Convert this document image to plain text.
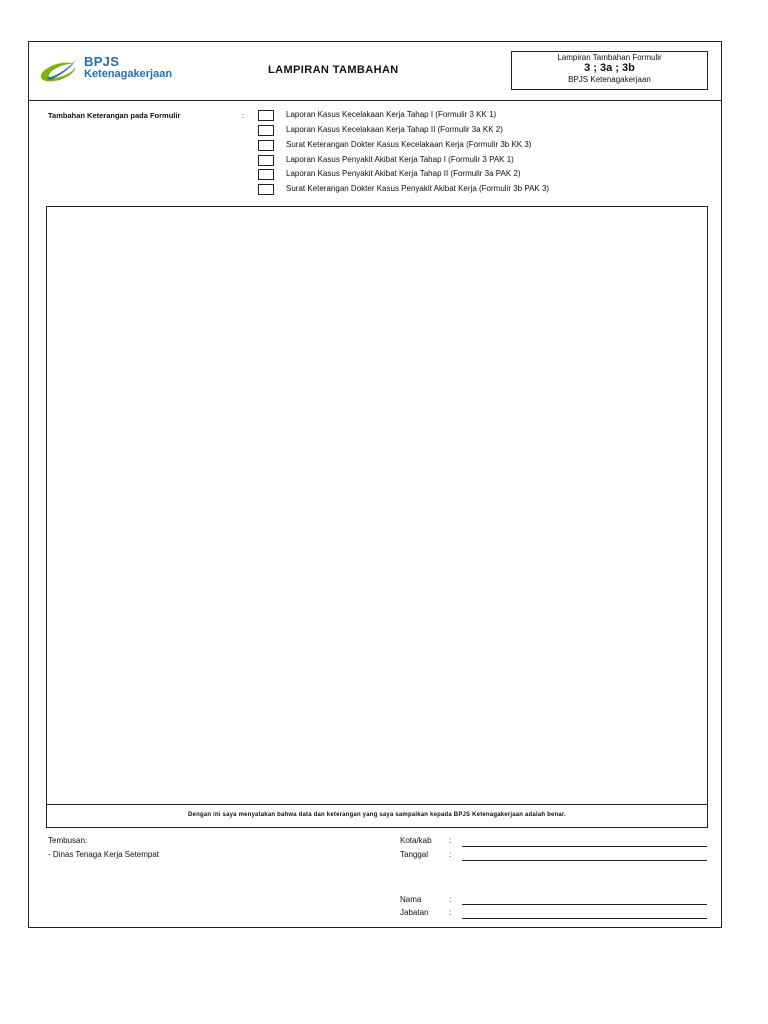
BPJS
Ketenagakerjaan	LAMPIRAN TAMBAHAN
Lampiran Tambahan Formulir
3 ; 3a ; 3b
BPJS Ketenagakerjaan
Tambahan Keterangan pada Formulir	:	Laporan Kasus Kecelakaan Kerja Tahap I (Formulir 3 KK 1)
Laporan Kasus Kecelakaan Kerja Tahap II (Formulir 3a KK 2)
Surat Keterangan Dokter Kasus Kecelakaan Kerja (Formulir 3b KK 3)
Laporan Kasus Penyakit Akibat Kerja Tahap I (Formulir 3 PAK 1)
Laporan Kasus Penyakit Akibat Kerja Tahap II (Formulir 3a PAK 2)
Surat Keterangan Dokter Kasus Penyakit Akibat Kerja (Formulir 3b PAK 3)
Dengan ini saya menyatakan bahwa data dan keterangan yang saya sampaikan kepada BPJS Ketenagakerjaan adalah benar.
Tembusan:
- Dinas Tenaga Kerja Setempat
Kota/kab :
Tanggal	:
Nama	:
Jabatan	:
